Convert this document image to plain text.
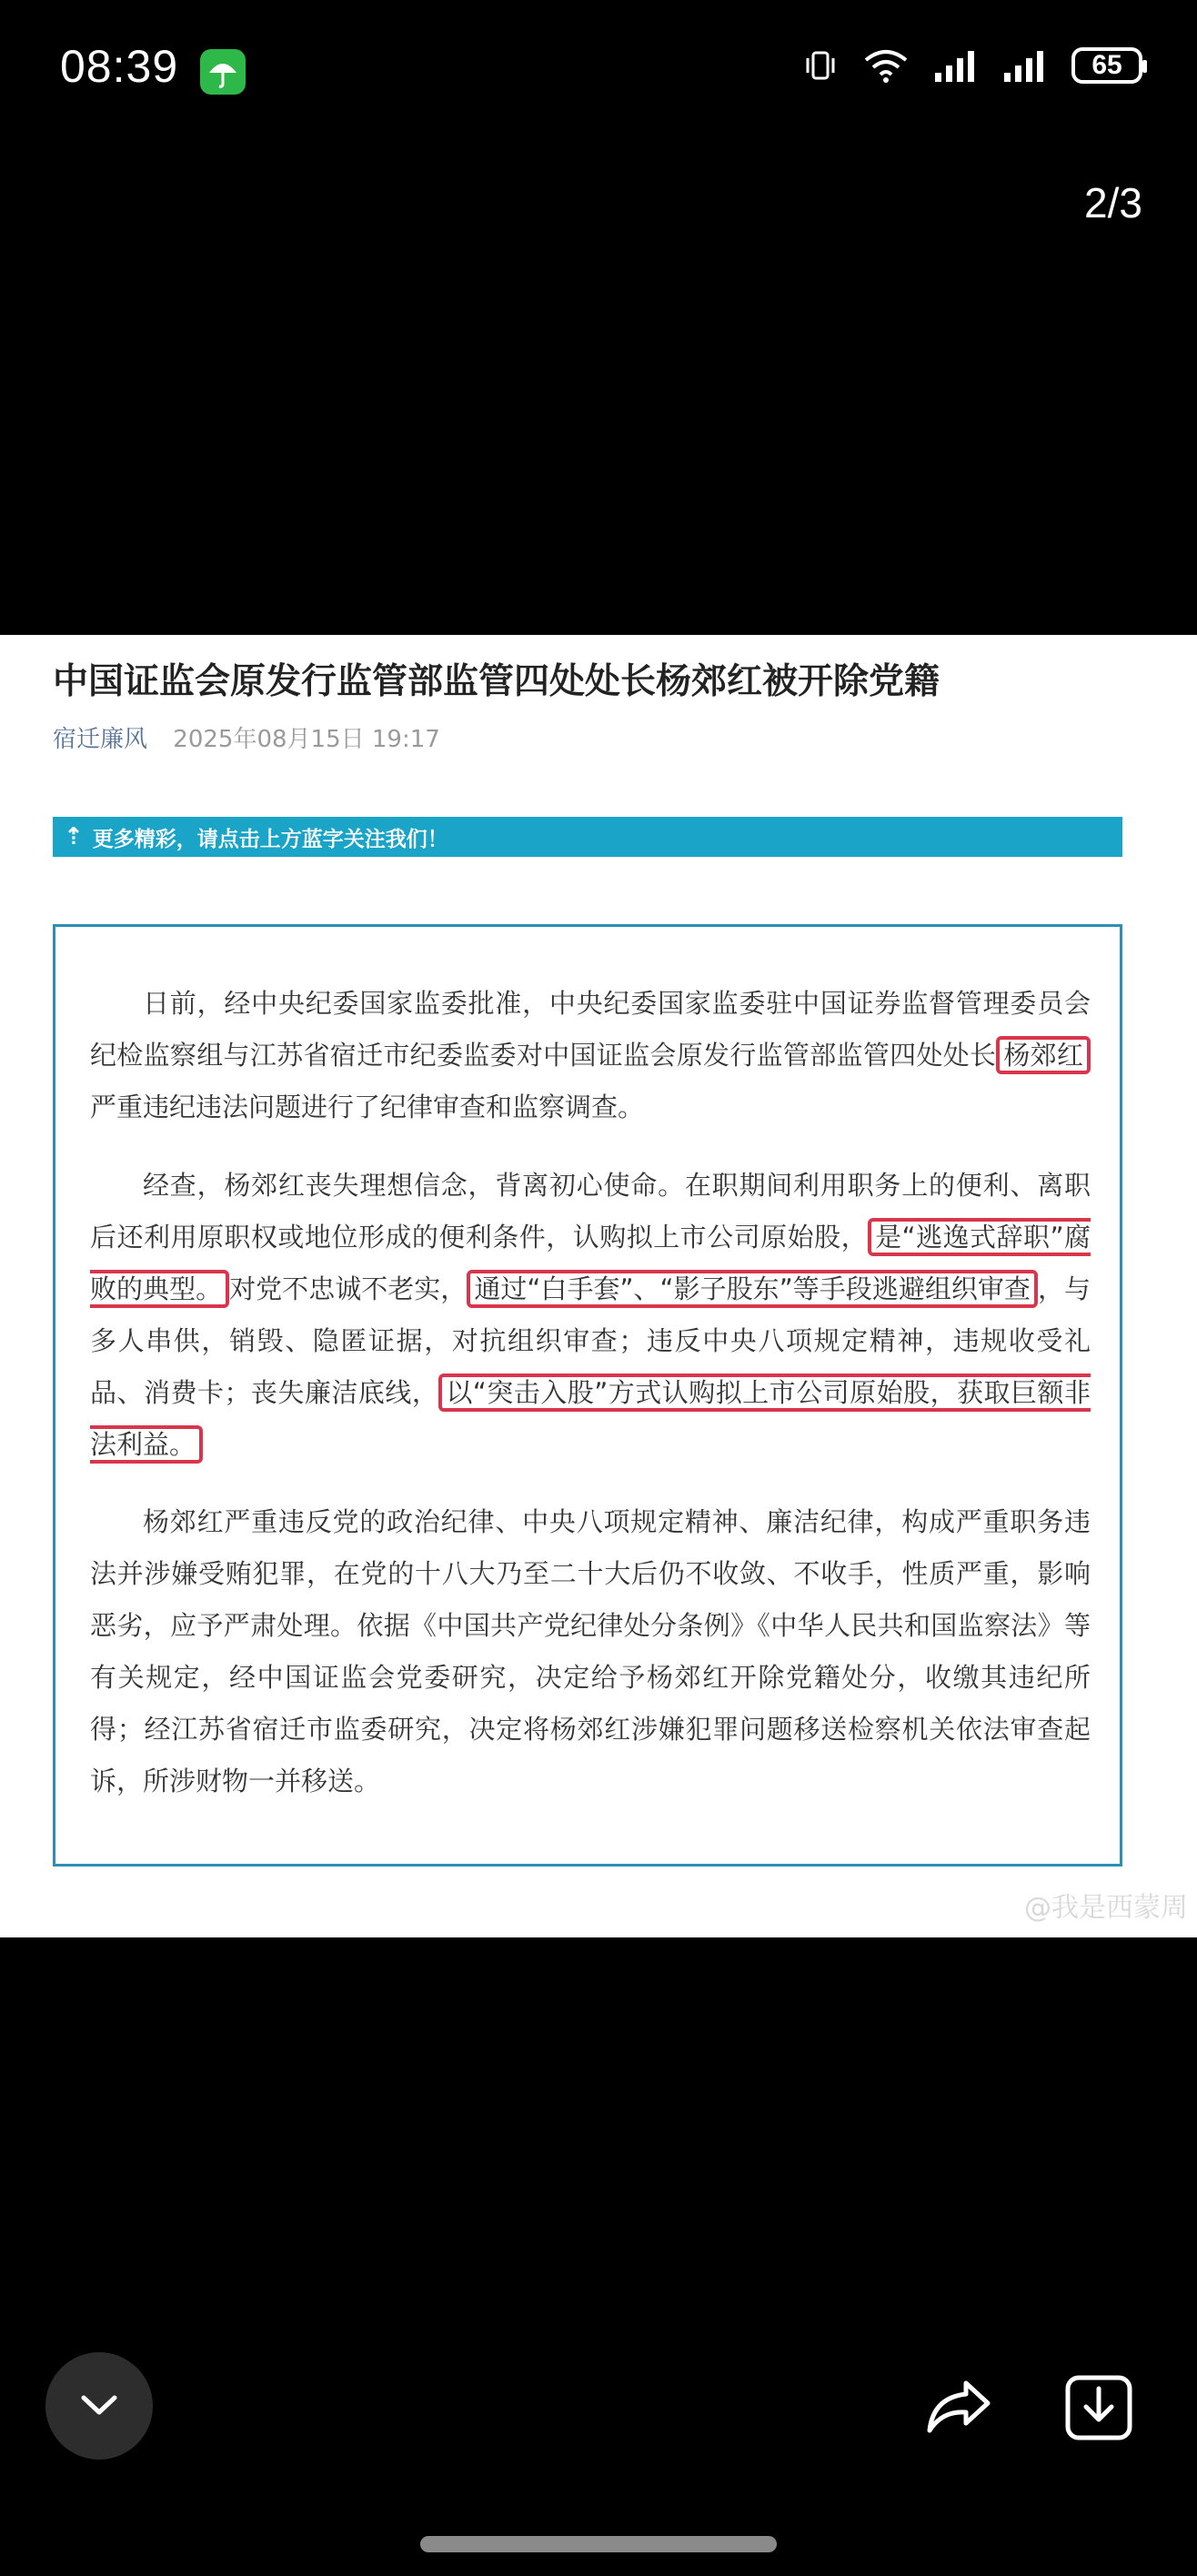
08:39	65
2/3
中国证监会原发行监管部监管四处处长杨郊红被开除党籍
宿迁廉风 2025年08月15日 19:17
⇡ 更多精彩，请点击上方蓝字关注我们！
日前，经中央纪委国家监委批准，中央纪委国家监委驻中国证券监督管理委员会纪检监察组与江苏省宿迁市纪委监委对中国证监会原发行监管部监管四处处长 杨郊红严重违纪违法问题进行了纪律审查和监察调查。
经查，杨郊红丧失理想信念，背离初心使命。在职期间利用职务上的便利、离职后还利用原职权或地位形成的便利条件，认购拟上市公司原始股， 是“逃逸式辞职”腐败的典型。 对党不忠诚不老实， 通过“白手套”、“影子股东”等手段逃避组织审查 ，与多人串供，销毁、隐匿证据，对抗组织审查；违反中央八项规定精神，违规收受礼品、消费卡；丧失廉洁底线， 以“突击入股”方式认购拟上市公司原始股，获取巨额非法利益。
杨郊红严重违反党的政治纪律、中央八项规定精神、廉洁纪律，构成严重职务违法并涉嫌受贿犯罪，在党的十八大乃至二十大后仍不收敛、不收手，性质严重，影响恶劣，应予严肃处理。依据《中国共产党纪律处分条例》《中华人民共和国监察法》等有关规定，经中国证监会党委研究，决定给予杨郊红开除党籍处分，收缴其违纪所得；经江苏省宿迁市监委研究，决定将杨郊红涉嫌犯罪问题移送检察机关依法审查起诉，所涉财物一并移送。
@我是西蒙周
